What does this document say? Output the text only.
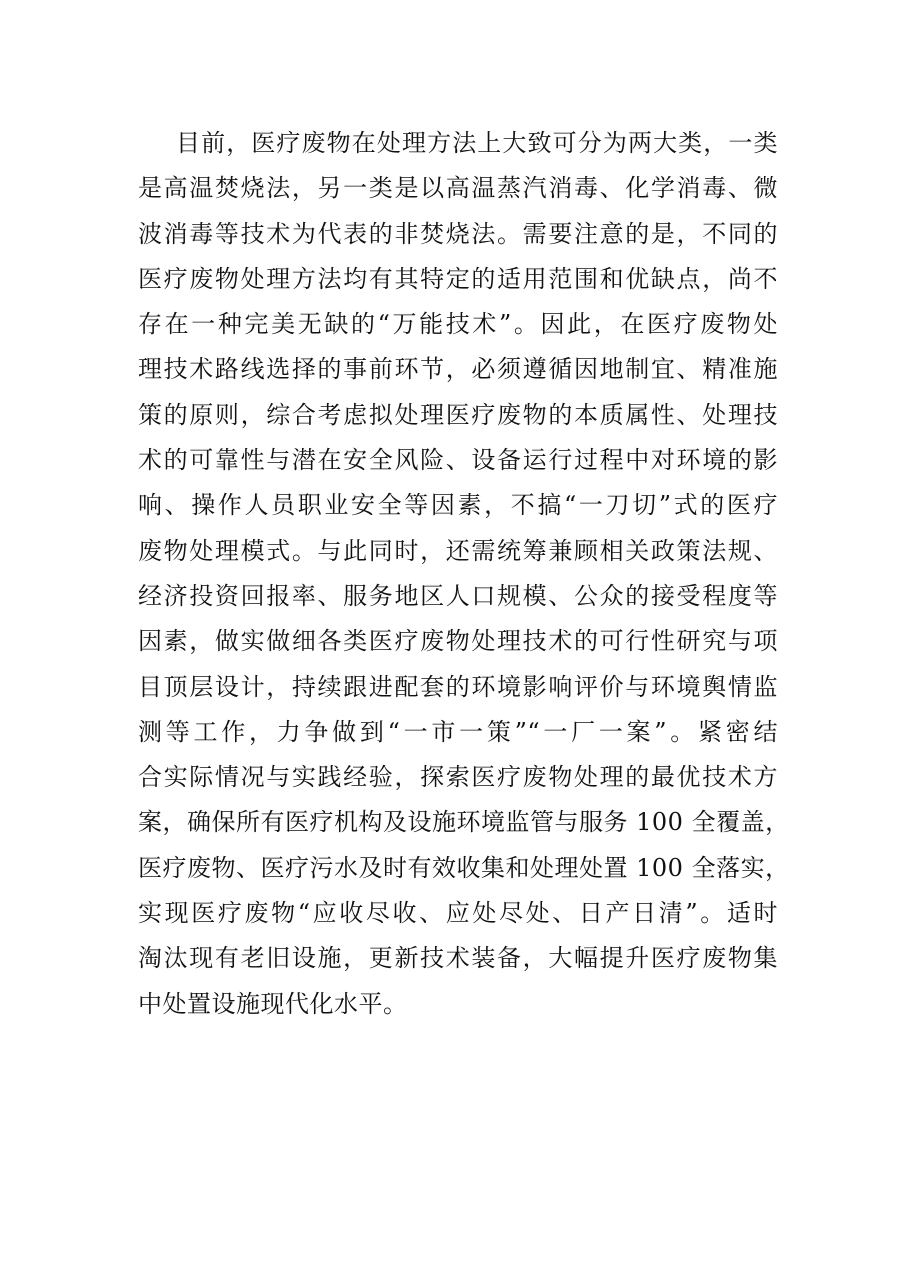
目前，医疗废物在处理方法上大致可分为两大类，一类
是高温焚烧法，另一类是以高温蒸汽消毒、化学消毒、微
波消毒等技术为代表的非焚烧法。需要注意的是，不同的
医疗废物处理方法均有其特定的适用范围和优缺点，尚不
存在一种完美无缺的“万能技术”。因此，在医疗废物处
理技术路线选择的事前环节，必须遵循因地制宜、精准施
策的原则，综合考虑拟处理医疗废物的本质属性、处理技
术的可靠性与潜在安全风险、设备运行过程中对环境的影
响、操作人员职业安全等因素，不搞“一刀切”式的医疗
废物处理模式。与此同时，还需统筹兼顾相关政策法规、
经济投资回报率、服务地区人口规模、公众的接受程度等
因素，做实做细各类医疗废物处理技术的可行性研究与项
目顶层设计，持续跟进配套的环境影响评价与环境舆情监
测等工作，力争做到“一市一策”“一厂一案”。紧密结
合实际情况与实践经验，探索医疗废物处理的最优技术方
案，确保所有医疗机构及设施环境监管与服务 100 全覆盖，
医疗废物、医疗污水及时有效收集和处理处置 100 全落实，
实现医疗废物“应收尽收、应处尽处、日产日清”。适时
淘汰现有老旧设施，更新技术装备，大幅提升医疗废物集
中处置设施现代化水平。
